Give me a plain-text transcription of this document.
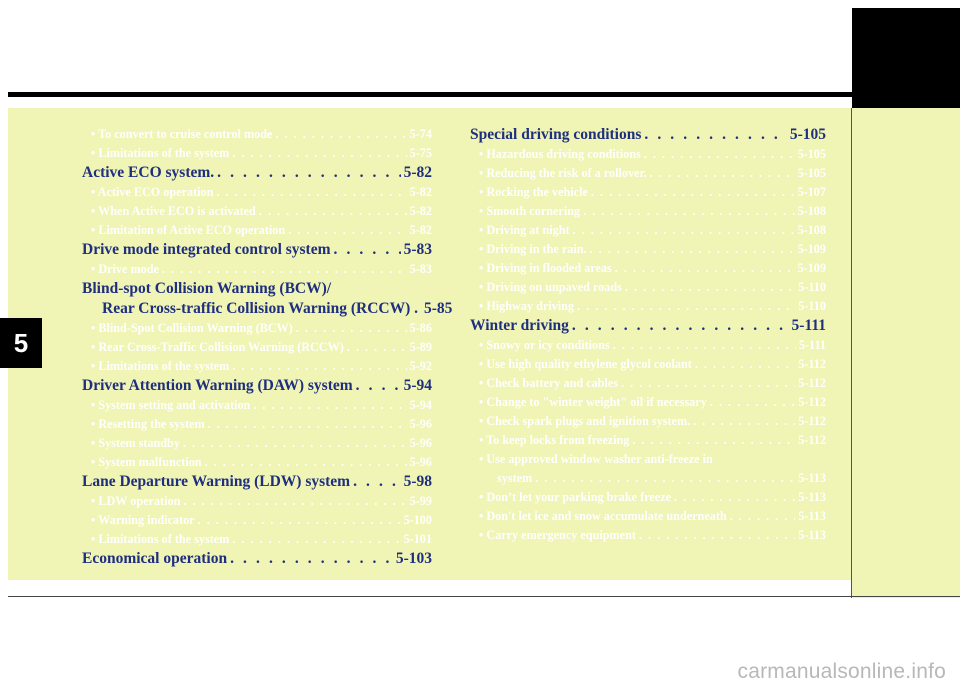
5
• To convert to cruise control mode . . .	5-74
• Limitations of the system . . .	5-75
Active ECO system. . . .	5-82
• Active ECO operation . . .	5-82
• When Active ECO is activated . . .	5-82
• Limitation of Active ECO operation . . .	5-82
Drive mode integrated control system . . .	5-83
• Drive mode . . .	5-83
Blind-spot Collision Warning (BCW)/
Rear Cross-traffic Collision Warning (RCCW) . 5-85
• Blind-Spot Collision Warning (BCW) . . .	5-86
• Rear Cross-Traffic Collision Warning (RCCW) . . .	5-89
• Limitations of the system . . .	5-92
Driver Attention Warning (DAW) system . . .	5-94
• System setting and activation . . .	5-94
• Resetting the system . . .	5-96
• System standby . . .	5-96
• System malfunction . . .	5-96
Lane Departure Warning (LDW) system . . .	5-98
• LDW operation . . .	5-99
• Warning indicator . . .	5-100
• Limitations of the system . . .	5-101
Economical operation . . .	5-103
Special driving conditions . . .	5-105
• Hazardous driving conditions . . .	5-105
• Reducing the risk of a rollover. . . .	5-105
• Rocking the vehicle . . .	5-107
• Smooth cornering . . .	5-108
• Driving at night . . .	5-108
• Driving in the rain. . . .	5-109
• Driving in flooded areas . . .	5-109
• Driving on unpaved roads . . .	5-110
• Highway driving . . .	5-110
Winter driving . . .	5-111
• Snowy or icy conditions . . .	5-111
• Use high quality ethylene glycol coolant . . .	5-112
• Check battery and cables . . .	5-112
• Change to "winter weight" oil if necessary . . .	5-112
• Check spark plugs and ignition system. . . .	5-112
• To keep locks from freezing . . .	5-112
• Use approved window washer anti-freeze in
system . . .	5-113
• Don’t let your parking brake freeze . . .	5-113
• Don't let ice and snow accumulate underneath . . .	5-113
• Carry emergency equipment . . .	5-113
carmanualsonline.info
